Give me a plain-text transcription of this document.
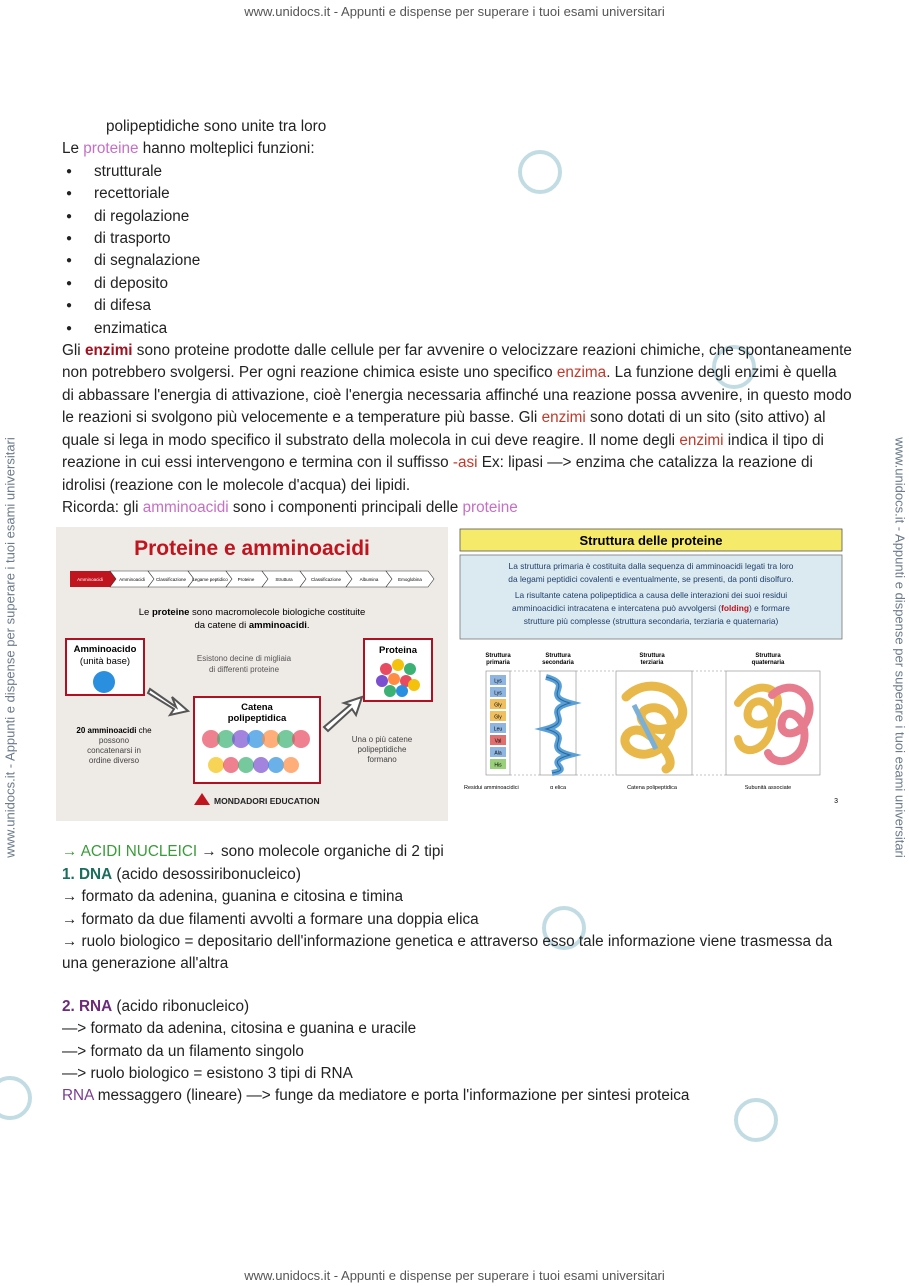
www.unidocs.it - Appunti e dispense per superare i tuoi esami universitari
www.unidocs.it - Appunti e dispense per superare i tuoi esami universitari
www.unidocs.it - Appunti e dispense per superare i tuoi esami universitari	www.unidocs.it - Appunti e dispense per superare i tuoi esami universitari

polipeptidiche sono unite tra loro

Le proteine hanno molteplici funzioni:

● strutturale
● recettoriale
● di regolazione
● di trasporto
● di segnalazione
● di deposito
● di difesa
● enzimatica

Gli enzimi sono proteine prodotte dalle cellule per far avvenire o velocizzare reazioni chimiche, che spontaneamente non potrebbero svolgersi. Per ogni reazione chimica esiste uno specifico enzima. La funzione degli enzimi è quella di abbassare l'energia di attivazione, cioè l'energia necessaria affinché una reazione possa avvenire, in questo modo le reazioni si svolgono più velocemente e a temperature più basse. Gli enzimi sono dotati di un sito (sito attivo) al quale si lega in modo specifico il substrato della molecola in cui deve reagire. Il nome degli enzimi indica il tipo di reazione in cui essi intervengono e termina con il suffisso -asi Ex: lipasi —> enzima che catalizza la reazione di idrolisi (reazione con le molecole d'acqua) dei lipidi.

Ricorda: gli amminoacidi sono i componenti principali delle proteine

Proteine e amminoacidi
Amminoacidi	Amminoacidi Classificazione Legame peptidico Proteine	Struttura	Classificazione	Albumina	Emoglobina
Le proteine sono macromolecole biologiche costituite
da catene di amminoacidi.
Amminoacido
(unità base)	Esistono decine di migliaia
di differenti proteine
Proteina
Catena
polipeptidica
20 amminoacidi che
possono
concatenarsi in
ordine diverso
Una o più catene
polipeptidiche
formano
MONDADORI EDUCATION
Struttura delle proteine
La struttura primaria è costituita dalla sequenza di amminoacidi legati tra loro
da legami peptidici covalenti e eventualmente, se presenti, da ponti disolfuro.
La risultante catena polipeptidica a causa delle interazioni dei suoi residui
amminoacidici intracatena e intercatena può avvolgersi (folding) e formare
strutture più complesse (struttura secondaria, terziaria e quaternaria)
Struttura
primaria
Struttura
secondaria
Struttura
terziaria
Struttura
quaternaria
Lys
Lys
Gly
Gly
Leu
Val
Ala
His
Residui amminoacidici	α elica	Catena polipeptidica	Subunità associate
3

→ ACIDI NUCLEICI → sono molecole organiche di 2 tipi

1. DNA (acido desossiribonucleico)

→ formato da adenina, guanina e citosina e timina

→ formato da due filamenti avvolti a formare una doppia elica

→ ruolo biologico = depositario dell'informazione genetica e attraverso esso tale informazione viene trasmessa da una generazione all'altra

2. RNA (acido ribonucleico)

—> formato da adenina, citosina e guanina e uracile

—> formato da un filamento singolo

—> ruolo biologico = esistono 3 tipi di RNA

RNA messaggero (lineare) —> funge da mediatore e porta l'informazione per sintesi proteica
